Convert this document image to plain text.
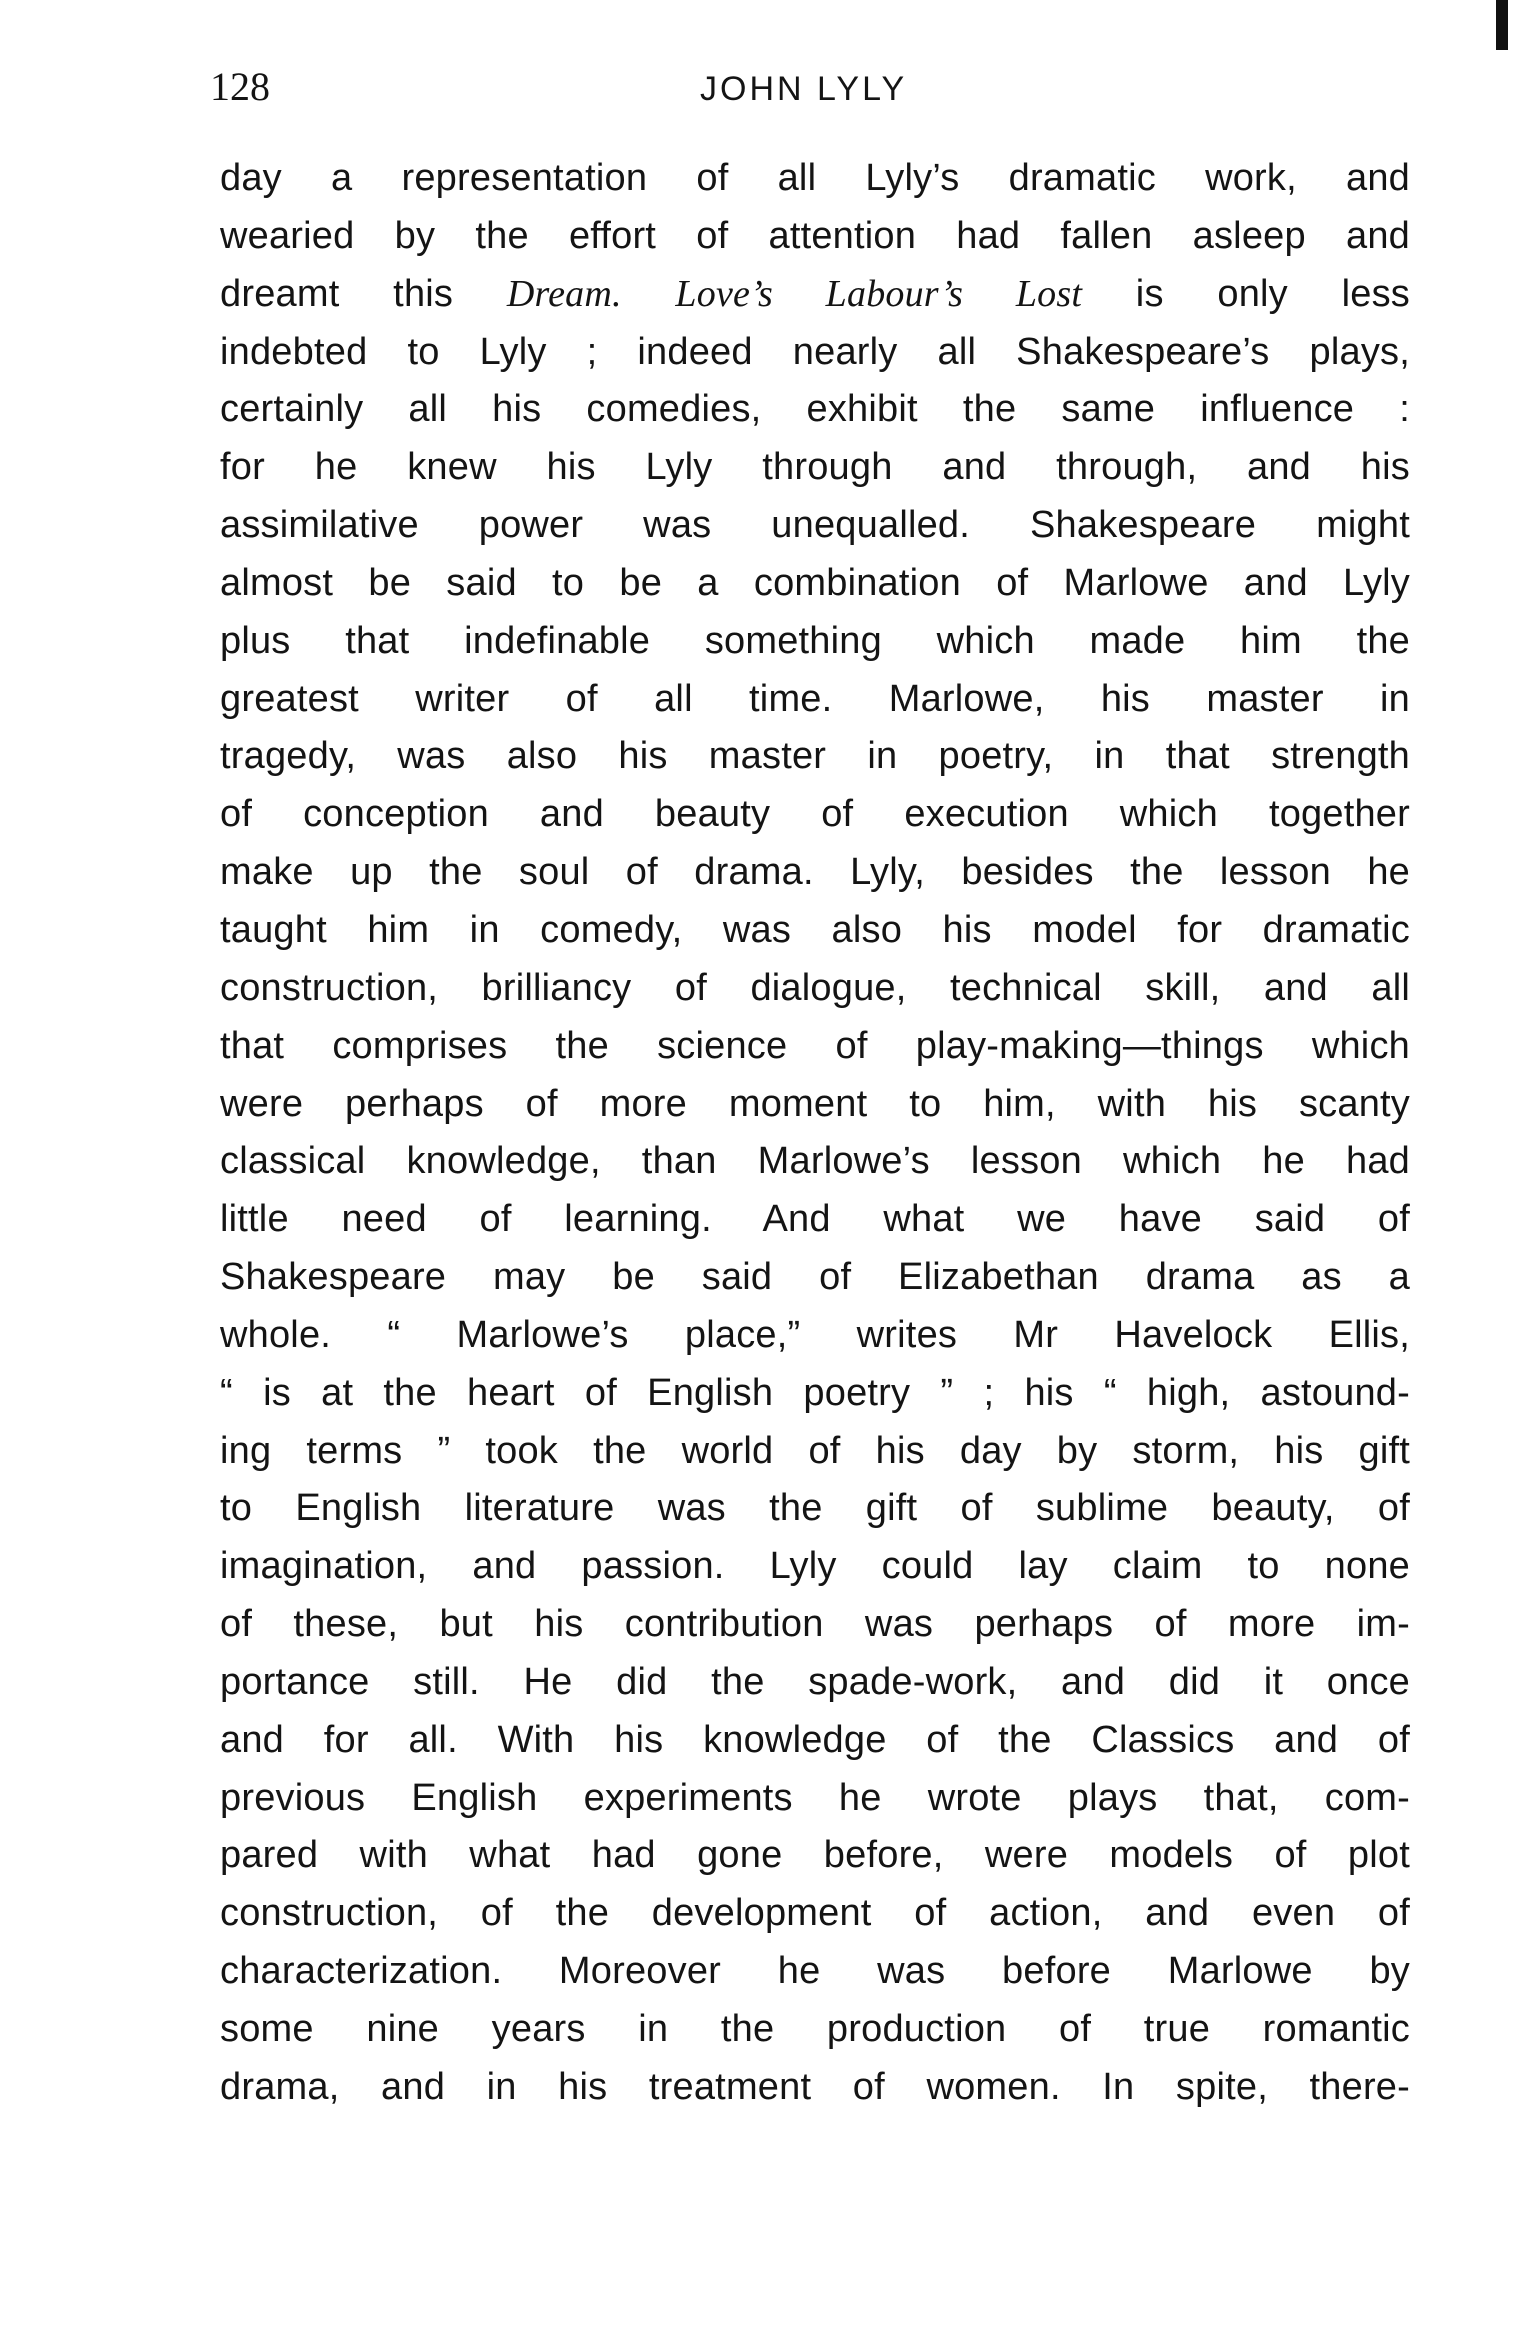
128	JOHN LYLY
day a representation of all Lyly’s dramatic work, and
wearied by the effort of attention had fallen asleep and
dreamt this Dream. Love’s Labour’s Lost is only less
indebted to Lyly ; indeed nearly all Shakespeare’s plays,
certainly all his comedies, exhibit the same influence :
for he knew his Lyly through and through, and his
assimilative power was unequalled. Shakespeare might
almost be said to be a combination of Marlowe and Lyly
plus that indefinable something which made him the
greatest writer of all time. Marlowe, his master in
tragedy, was also his master in poetry, in that strength
of conception and beauty of execution which together
make up the soul of drama. Lyly, besides the lesson he
taught him in comedy, was also his model for dramatic
construction, brilliancy of dialogue, technical skill, and all
that comprises the science of play-making—things which
were perhaps of more moment to him, with his scanty
classical knowledge, than Marlowe’s lesson which he had
little need of learning. And what we have said of
Shakespeare may be said of Elizabethan drama as a
whole. “ Marlowe’s place,” writes Mr Havelock Ellis,
“ is at the heart of English poetry ” ; his “ high, astound-
ing terms ” took the world of his day by storm, his gift
to English literature was the gift of sublime beauty, of
imagination, and passion. Lyly could lay claim to none
of these, but his contribution was perhaps of more im-
portance still. He did the spade-work, and did it once
and for all. With his knowledge of the Classics and of
previous English experiments he wrote plays that, com-
pared with what had gone before, were models of plot
construction, of the development of action, and even of
characterization. Moreover he was before Marlowe by
some nine years in the production of true romantic
drama, and in his treatment of women. In spite, there-
